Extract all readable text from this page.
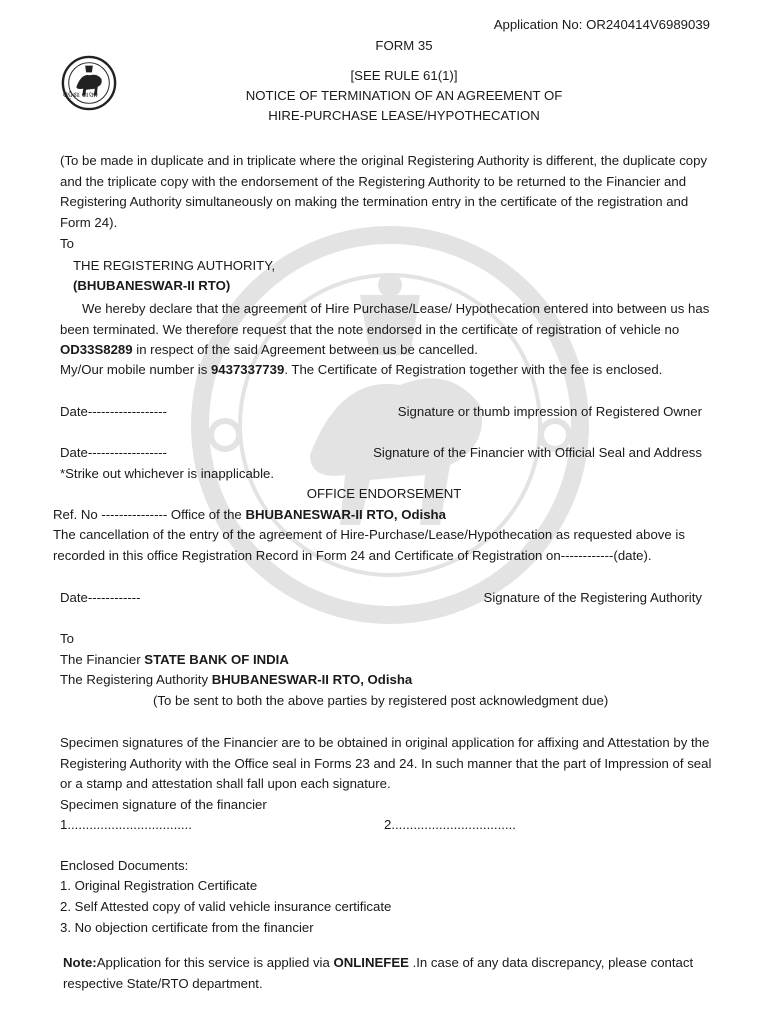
Application No: OR240414V6989039
FORM 35
ଓଡ଼ିଶା ଶାସନ
[SEE RULE 61(1)]
NOTICE OF TERMINATION OF AN AGREEMENT OF
HIRE-PURCHASE LEASE/HYPOTHECATION
(To be made in duplicate and in triplicate where the original Registering Authority is different, the duplicate copy and the triplicate copy with the endorsement of the Registering Authority to be returned to the Financier and Registering Authority simultaneously on making the termination entry in the certificate of the registration and Form 24).
To
THE REGISTERING AUTHORITY,
(BHUBANESWAR-II RTO)
We hereby declare that the agreement of Hire Purchase/Lease/ Hypothecation entered into between us has been terminated. We therefore request that the note endorsed in the certificate of registration of vehicle no OD33S8289 in respect of the said Agreement between us be cancelled.
My/Our mobile number is 9437337739. The Certificate of Registration together with the fee is enclosed.
Date------------------	Signature or thumb impression of Registered Owner
Date------------------	Signature of the Financier with Official Seal and Address
*Strike out whichever is inapplicable.
OFFICE ENDORSEMENT
Ref. No --------------- Office of the BHUBANESWAR-II RTO, Odisha
The cancellation of the entry of the agreement of Hire-Purchase/Lease/Hypothecation as requested above is recorded in this office Registration Record in Form 24 and Certificate of Registration on------------(date).
Date------------	Signature of the Registering Authority
To
The Financier STATE BANK OF INDIA
The Registering Authority BHUBANESWAR-II RTO, Odisha
(To be sent to both the above parties by registered post acknowledgment due)
Specimen signatures of the Financier are to be obtained in original application for affixing and Attestation by the Registering Authority with the Office seal in Forms 23 and 24. In such manner that the part of Impression of seal or a stamp and attestation shall fall upon each signature.
Specimen signature of the financier
1..................................	2..................................
Enclosed Documents:
1. Original Registration Certificate
2. Self Attested copy of valid vehicle insurance certificate
3. No objection certificate from the financier
Note:Application for this service is applied via ONLINEFEE .In case of any data discrepancy, please contact respective State/RTO department.
